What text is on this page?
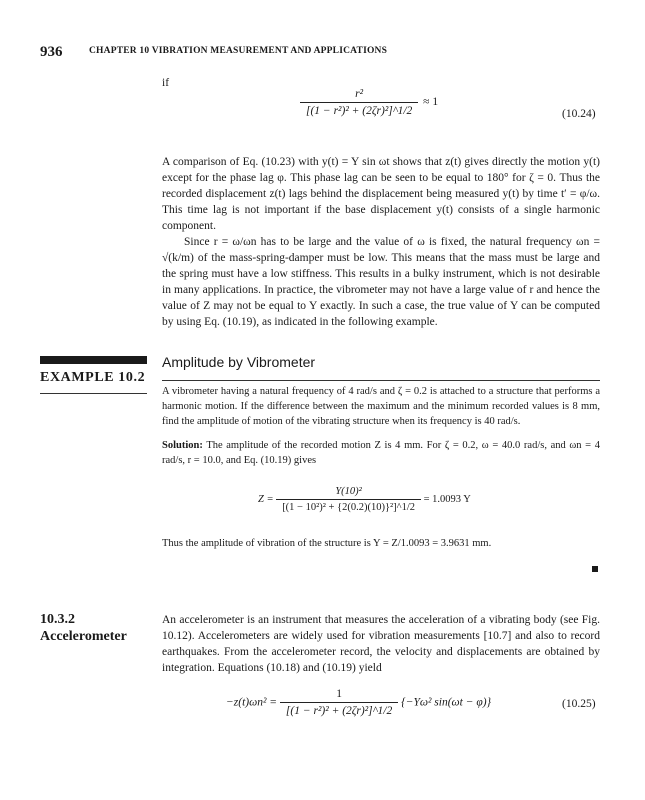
936	CHAPTER 10 VIBRATION MEASUREMENT AND APPLICATIONS
if
$\frac{\text{r²}}{\text{[(1 − r²)² + (2ζr)²]\textasciicircum{}1/2}} \approx 1$
(10.24)

A comparison of Eq. (10.23) with y(t) = Y sin ωt shows that z(t) gives directly the motion y(t) except for the phase lag φ. This phase lag can be seen to be equal to 180° for ζ = 0. Thus the recorded displacement z(t) lags behind the displacement being measured y(t) by time t′ = φ/ω. This time lag is not important if the base displacement y(t) consists of a single harmonic component.

Since r = ω/ωn has to be large and the value of ω is fixed, the natural frequency ωn = √(k/m) of the mass-spring-damper must be low. This means that the mass must be large and the spring must have a low stiffness. This results in a bulky instrument, which is not desirable in many applications. In practice, the vibrometer may not have a large value of r and hence the value of Z may not be equal to Y exactly. In such a case, the true value of Y can be computed by using Eq. (10.19), as indicated in the following example.

EXAMPLE 10.2
Amplitude by Vibrometer
A vibrometer having a natural frequency of 4 rad/s and ζ = 0.2 is attached to a structure that performs a harmonic motion. If the difference between the maximum and the minimum recorded values is 8 mm, find the amplitude of motion of the vibrating structure when its frequency is 40 rad/s.

Solution: The amplitude of the recorded motion Z is 4 mm. For ζ = 0.2, ω = 40.0 rad/s, and ωn = 4 rad/s, r = 10.0, and Eq. (10.19) gives

$Z = \frac{\text{Y(10)²}}{\text{[(1 − 10²)² + \{2(0.2)(10)\}²]\textasciicircum{}1/2}} = 1.0093$ Y
Thus the amplitude of vibration of the structure is Y = Z/1.0093 = 3.9631 mm.
10.3.2
Accelerometer
An accelerometer is an instrument that measures the acceleration of a vibrating body (see Fig. 10.12). Accelerometers are widely used for vibration measurements [10.7] and also to record earthquakes. From the accelerometer record, the velocity and displacements are obtained by integration. Equations (10.18) and (10.19) yield
$-z(t)\omega n^2 = \frac{1}{\text{[(1 − r²)² + (2ζr)²]\textasciicircum{}1/2}} \{-Y\omega^2$ sin(ωt − φ)}	(10.25)
